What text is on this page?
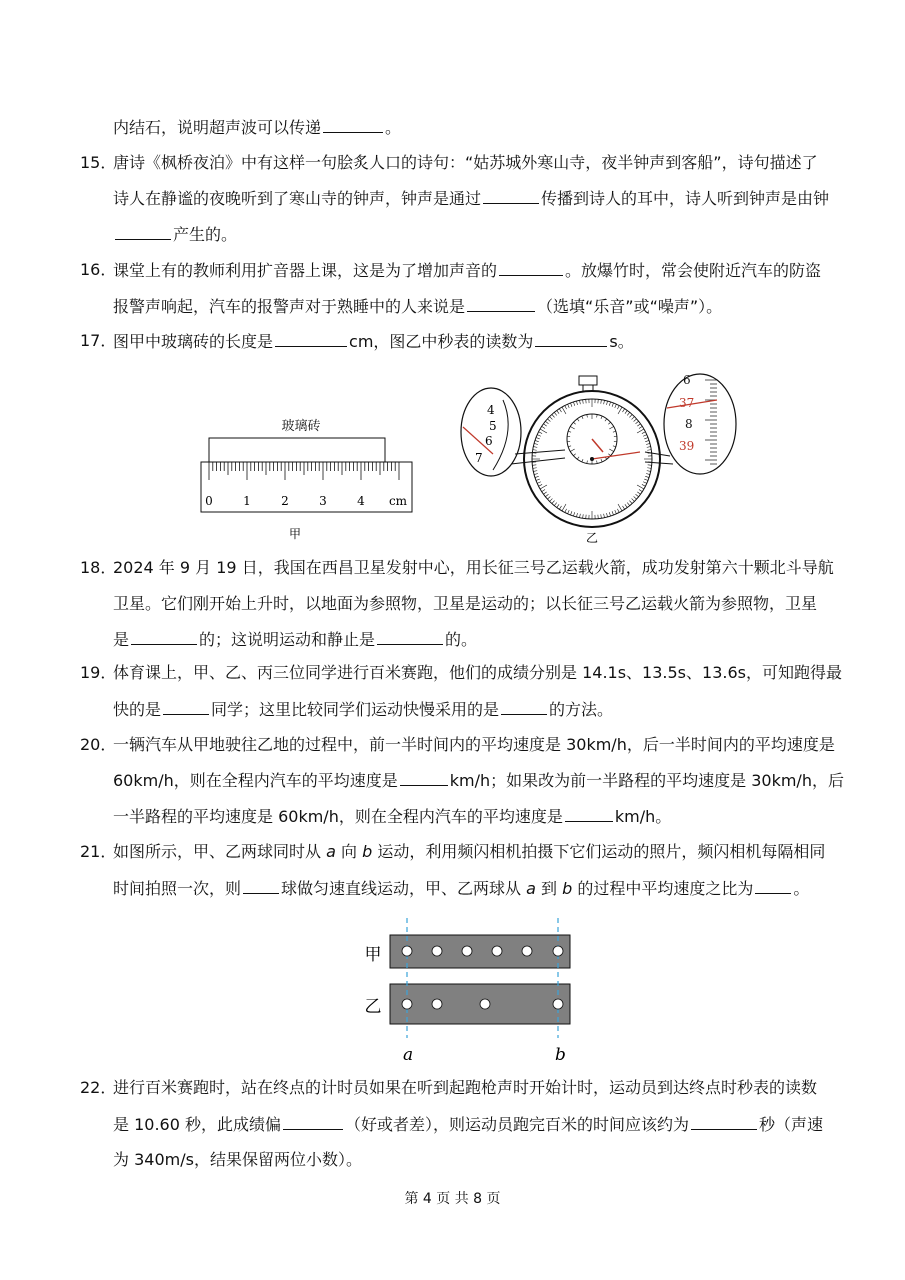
内结石，说明超声波可以传递	。
15．
唐诗《枫桥夜泊》中有这样一句脍炙人口的诗句：“姑苏城外寒山寺，夜半钟声到客船”，诗句描述了
诗人在静谧的夜晚听到了寒山寺的钟声，钟声是通过	传播到诗人的耳中，诗人听到钟声是由钟
产生的。
16．
课堂上有的教师利用扩音器上课，这是为了增加声音的	。放爆竹时，常会使附近汽车的防盗
报警声响起，汽车的报警声对于熟睡中的人来说是	（选填“乐音”或“噪声”）。
17．
图甲中玻璃砖的长度是	cm，图乙中秒表的读数为	s。
玻璃砖
0	1	2	3	4 cm
甲
4
5
6
7
6
37
8
39
乙
18．
2024 年 9 月 19 日，我国在西昌卫星发射中心，用长征三号乙运载火箭，成功发射第六十颗北斗导航
卫星。它们刚开始上升时，以地面为参照物，卫星是运动的；以长征三号乙运载火箭为参照物，卫星
是	的；这说明运动和静止是	的。
19．
体育课上，甲、乙、丙三位同学进行百米赛跑，他们的成绩分别是 14.1s、13.5s、13.6s，可知跑得最
快的是	同学；这里比较同学们运动快慢采用的是	的方法。
20．
一辆汽车从甲地驶往乙地的过程中，前一半时间内的平均速度是 30km/h，后一半时间内的平均速度是
60km/h，则在全程内汽车的平均速度是	km/h；如果改为前一半路程的平均速度是 30km/h，后
一半路程的平均速度是 60km/h，则在全程内汽车的平均速度是	km/h。
21．
如图所示，甲、乙两球同时从 a 向 b 运动，利用频闪相机拍摄下它们运动的照片，频闪相机每隔相同
时间拍照一次，则	球做匀速直线运动，甲、乙两球从 a 到 b 的过程中平均速度之比为	。
甲
乙
a	b
22．
进行百米赛跑时，站在终点的计时员如果在听到起跑枪声时开始计时，运动员到达终点时秒表的读数
是 10.60 秒，此成绩偏	（好或者差），则运动员跑完百米的时间应该约为	秒（声速
为 340m/s，结果保留两位小数）。
第 4 页 共 8 页
